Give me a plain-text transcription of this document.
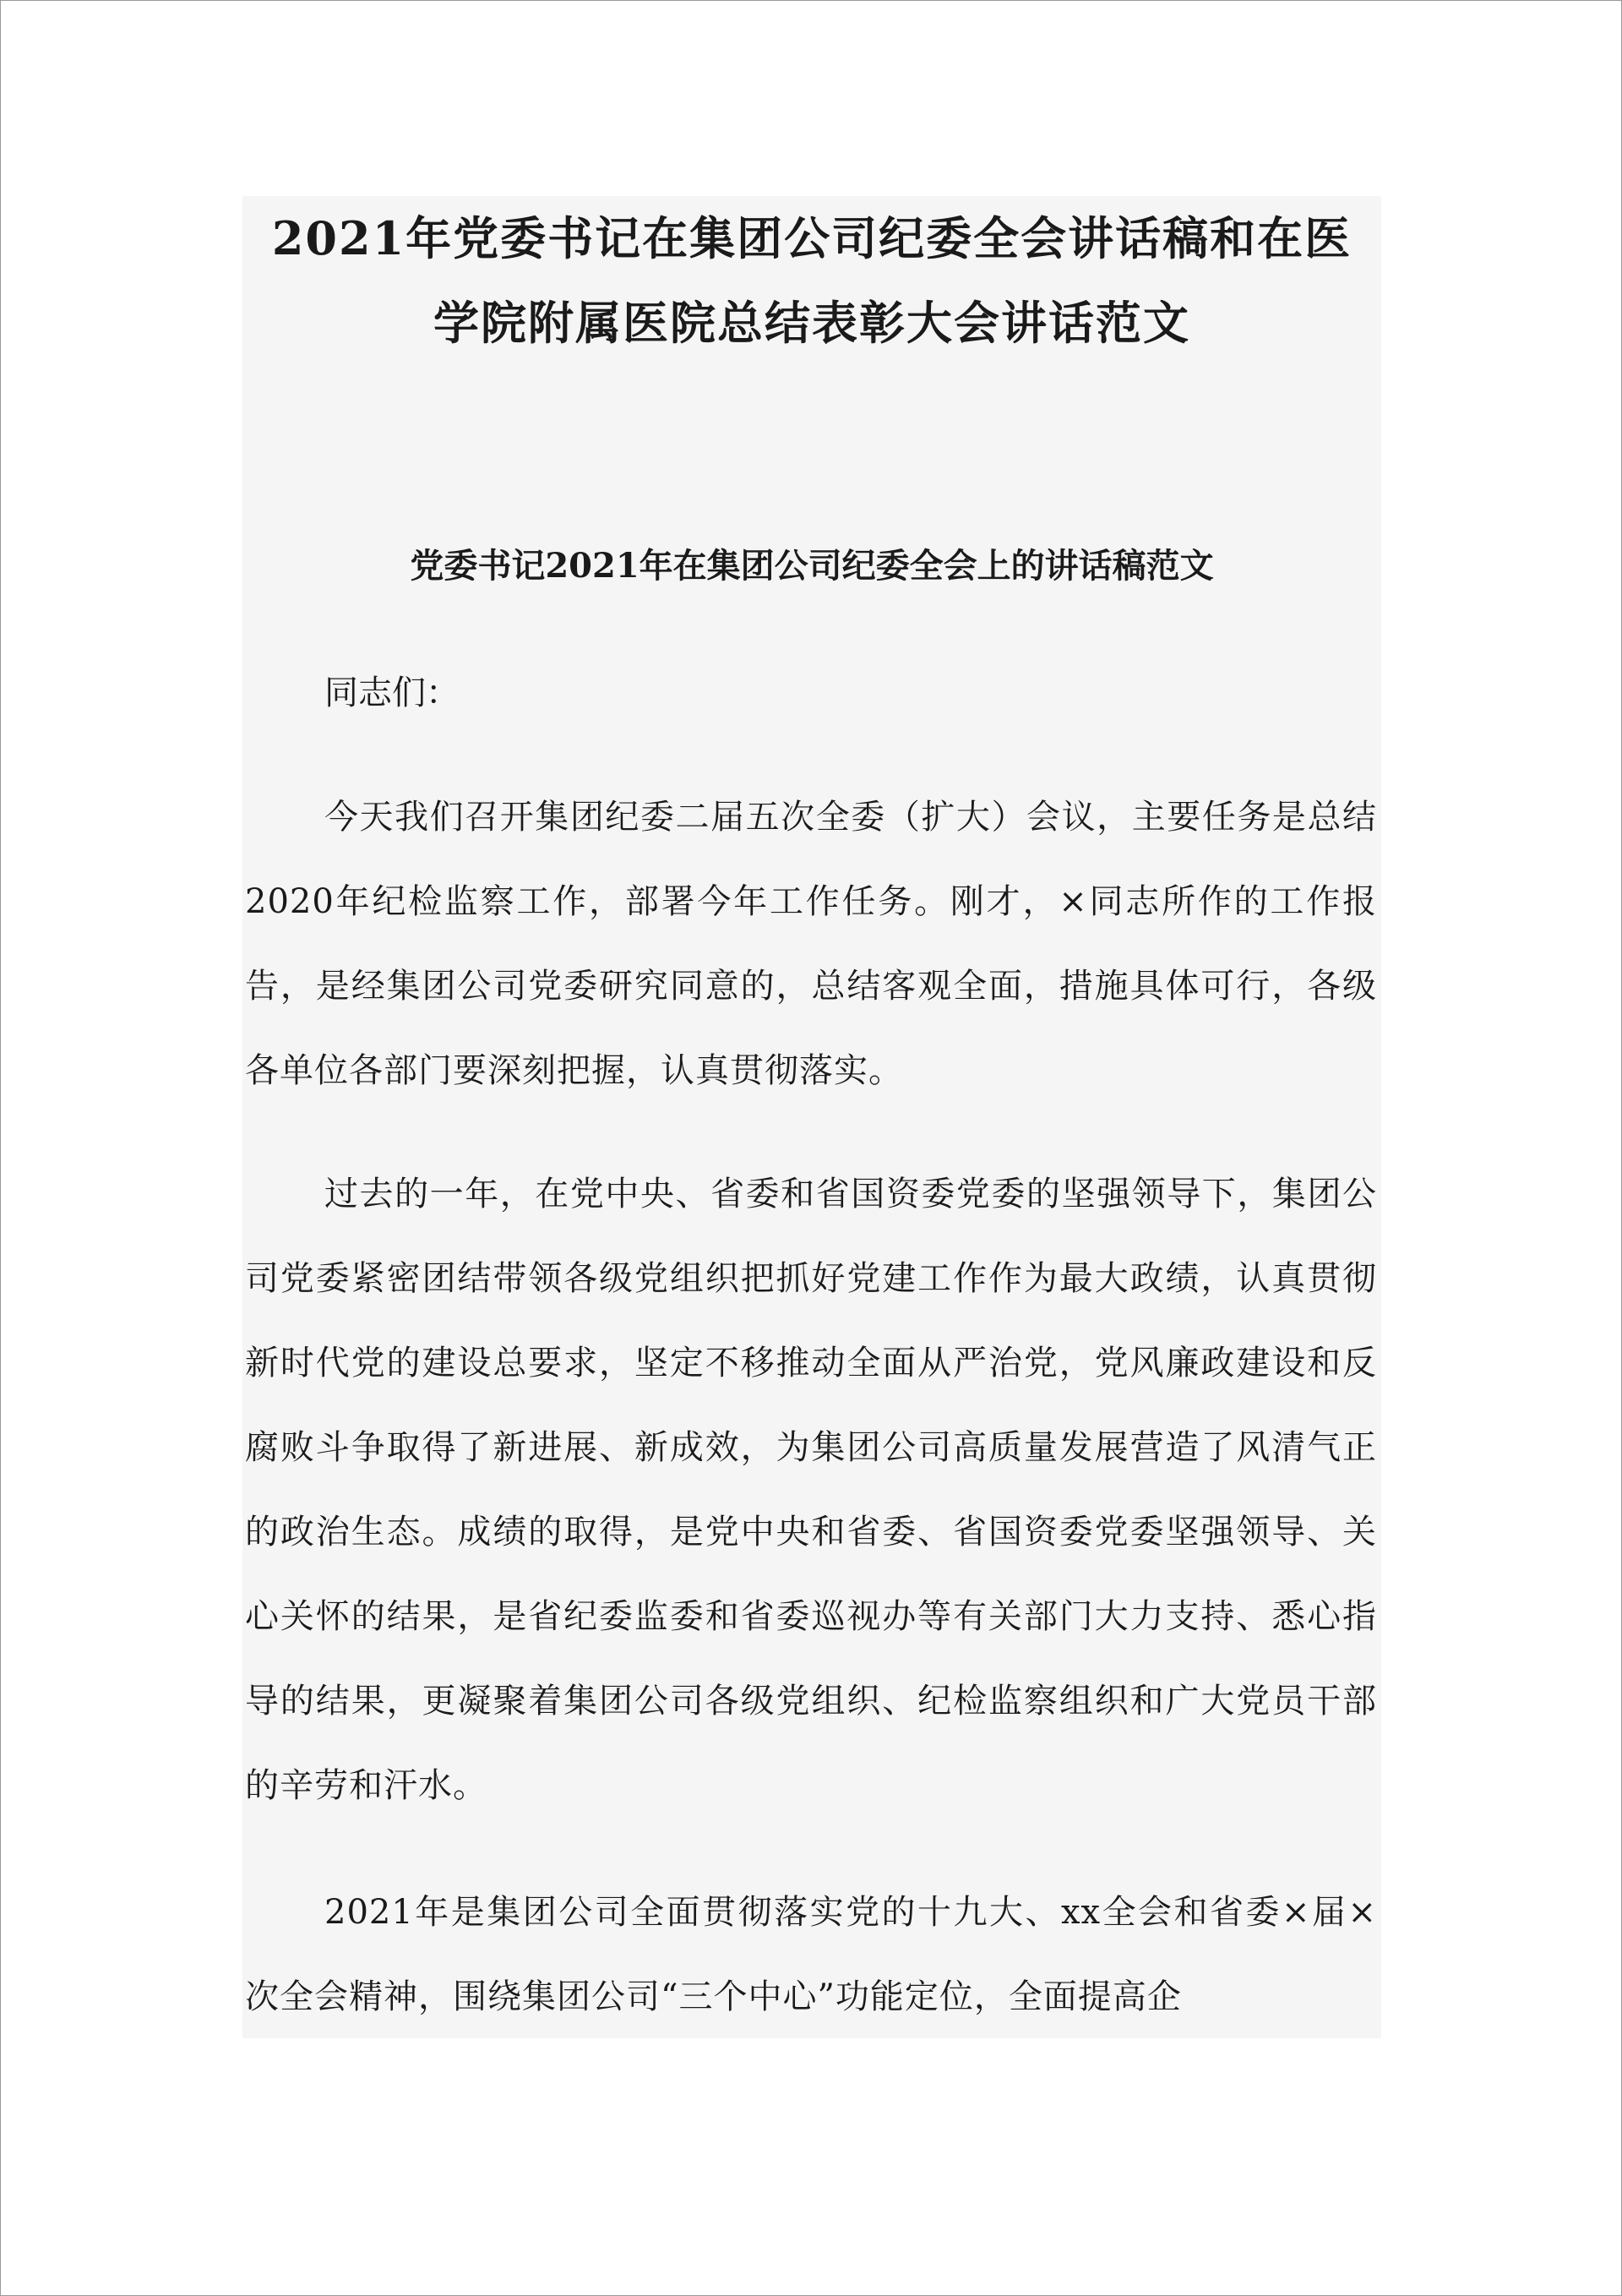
2021年党委书记在集团公司纪委全会讲话稿和在医
学院附属医院总结表彰大会讲话范文
党委书记2021年在集团公司纪委全会上的讲话稿范文

同志们：

今天我们召开集团纪委二届五次全委（扩大）会议，主要任务是总结2020年纪检监察工作，部署今年工作任务。刚才，×同志所作的工作报告，是经集团公司党委研究同意的，总结客观全面，措施具体可行，各级各单位各部门要深刻把握，认真贯彻落实。

过去的一年，在党中央、省委和省国资委党委的坚强领导下，集团公司党委紧密团结带领各级党组织把抓好党建工作作为最大政绩，认真贯彻新时代党的建设总要求，坚定不移推动全面从严治党，党风廉政建设和反腐败斗争取得了新进展、新成效，为集团公司高质量发展营造了风清气正的政治生态。成绩的取得，是党中央和省委、省国资委党委坚强领导、关心关怀的结果，是省纪委监委和省委巡视办等有关部门大力支持、悉心指导的结果，更凝聚着集团公司各级党组织、纪检监察组织和广大党员干部的辛劳和汗水。

2021年是集团公司全面贯彻落实党的十九大、xx全会和省委×届×次全会精神，围绕集团公司“三个中心”功能定位，全面提高企
